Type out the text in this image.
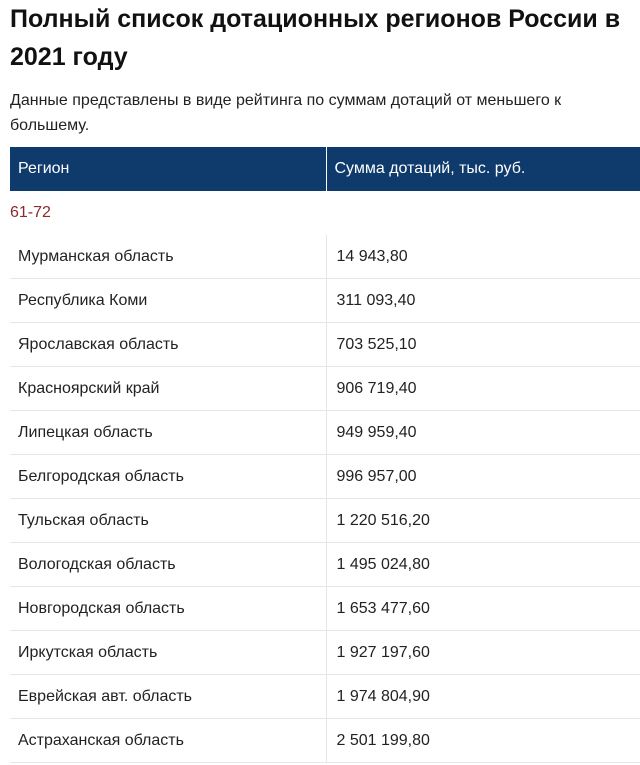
Полный список дотационных регионов России в 2021 году

Данные представлены в виде рейтинга по суммам дотаций от меньшего к большему.

Регион	Сумма дотаций, тыс. руб.
61-72	
Мурманская область	14 943,80
Республика Коми	311 093,40
Ярославская область	703 525,10
Красноярский край	906 719,40
Липецкая область	949 959,40
Белгородская область	996 957,00
Тульская область	1 220 516,20
Вологодская область	1 495 024,80
Новгородская область	1 653 477,60
Иркутская область	1 927 197,60
Еврейская авт. область	1 974 804,90
Астраханская область	2 501 199,80
